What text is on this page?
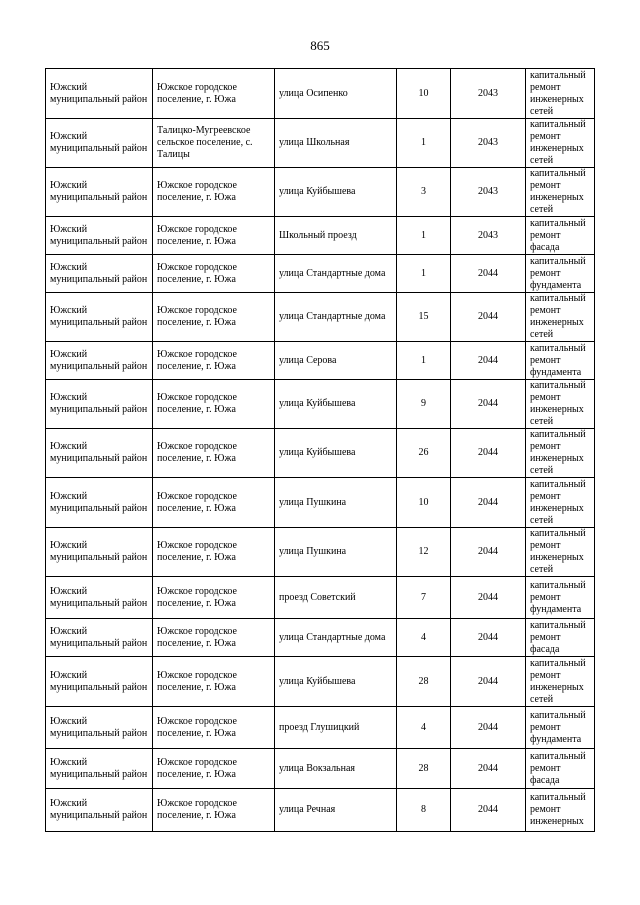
865
Южский муниципальный район	Южское городское поселение, г. Южа	улица Осипенко	10	2043	капитальный ремонт инженерных сетей
Южский муниципальный район	Талицко-Мугреевское сельское поселение, с. Талицы	улица Школьная	1	2043	капитальный ремонт инженерных сетей
Южский муниципальный район	Южское городское поселение, г. Южа	улица Куйбышева	3	2043	капитальный ремонт инженерных сетей
Южский муниципальный район	Южское городское поселение, г. Южа	Школьный проезд	1	2043	капитальный ремонт фасада
Южский муниципальный район	Южское городское поселение, г. Южа	улица Стандартные дома	1	2044	капитальный ремонт фундамента
Южский муниципальный район	Южское городское поселение, г. Южа	улица Стандартные дома	15	2044	капитальный ремонт инженерных сетей
Южский муниципальный район	Южское городское поселение, г. Южа	улица Серова	1	2044	капитальный ремонт фундамента
Южский муниципальный район	Южское городское поселение, г. Южа	улица Куйбышева	9	2044	капитальный ремонт инженерных сетей
Южский муниципальный район	Южское городское поселение, г. Южа	улица Куйбышева	26	2044	капитальный ремонт инженерных сетей
Южский муниципальный район	Южское городское поселение, г. Южа	улица Пушкина	10	2044	капитальный ремонт инженерных сетей
Южский муниципальный район	Южское городское поселение, г. Южа	улица Пушкина	12	2044	капитальный ремонт инженерных сетей
Южский муниципальный район	Южское городское поселение, г. Южа	проезд Советский	7	2044	капитальный ремонт фундамента
Южский муниципальный район	Южское городское поселение, г. Южа	улица Стандартные дома	4	2044	капитальный ремонт фасада
Южский муниципальный район	Южское городское поселение, г. Южа	улица Куйбышева	28	2044	капитальный ремонт инженерных сетей
Южский муниципальный район	Южское городское поселение, г. Южа	проезд Глушицкий	4	2044	капитальный ремонт фундамента
Южский муниципальный район	Южское городское поселение, г. Южа	улица Вокзальная	28	2044	капитальный ремонт фасада
Южский муниципальный район	Южское городское поселение, г. Южа	улица Речная	8	2044	капитальный ремонт инженерных
